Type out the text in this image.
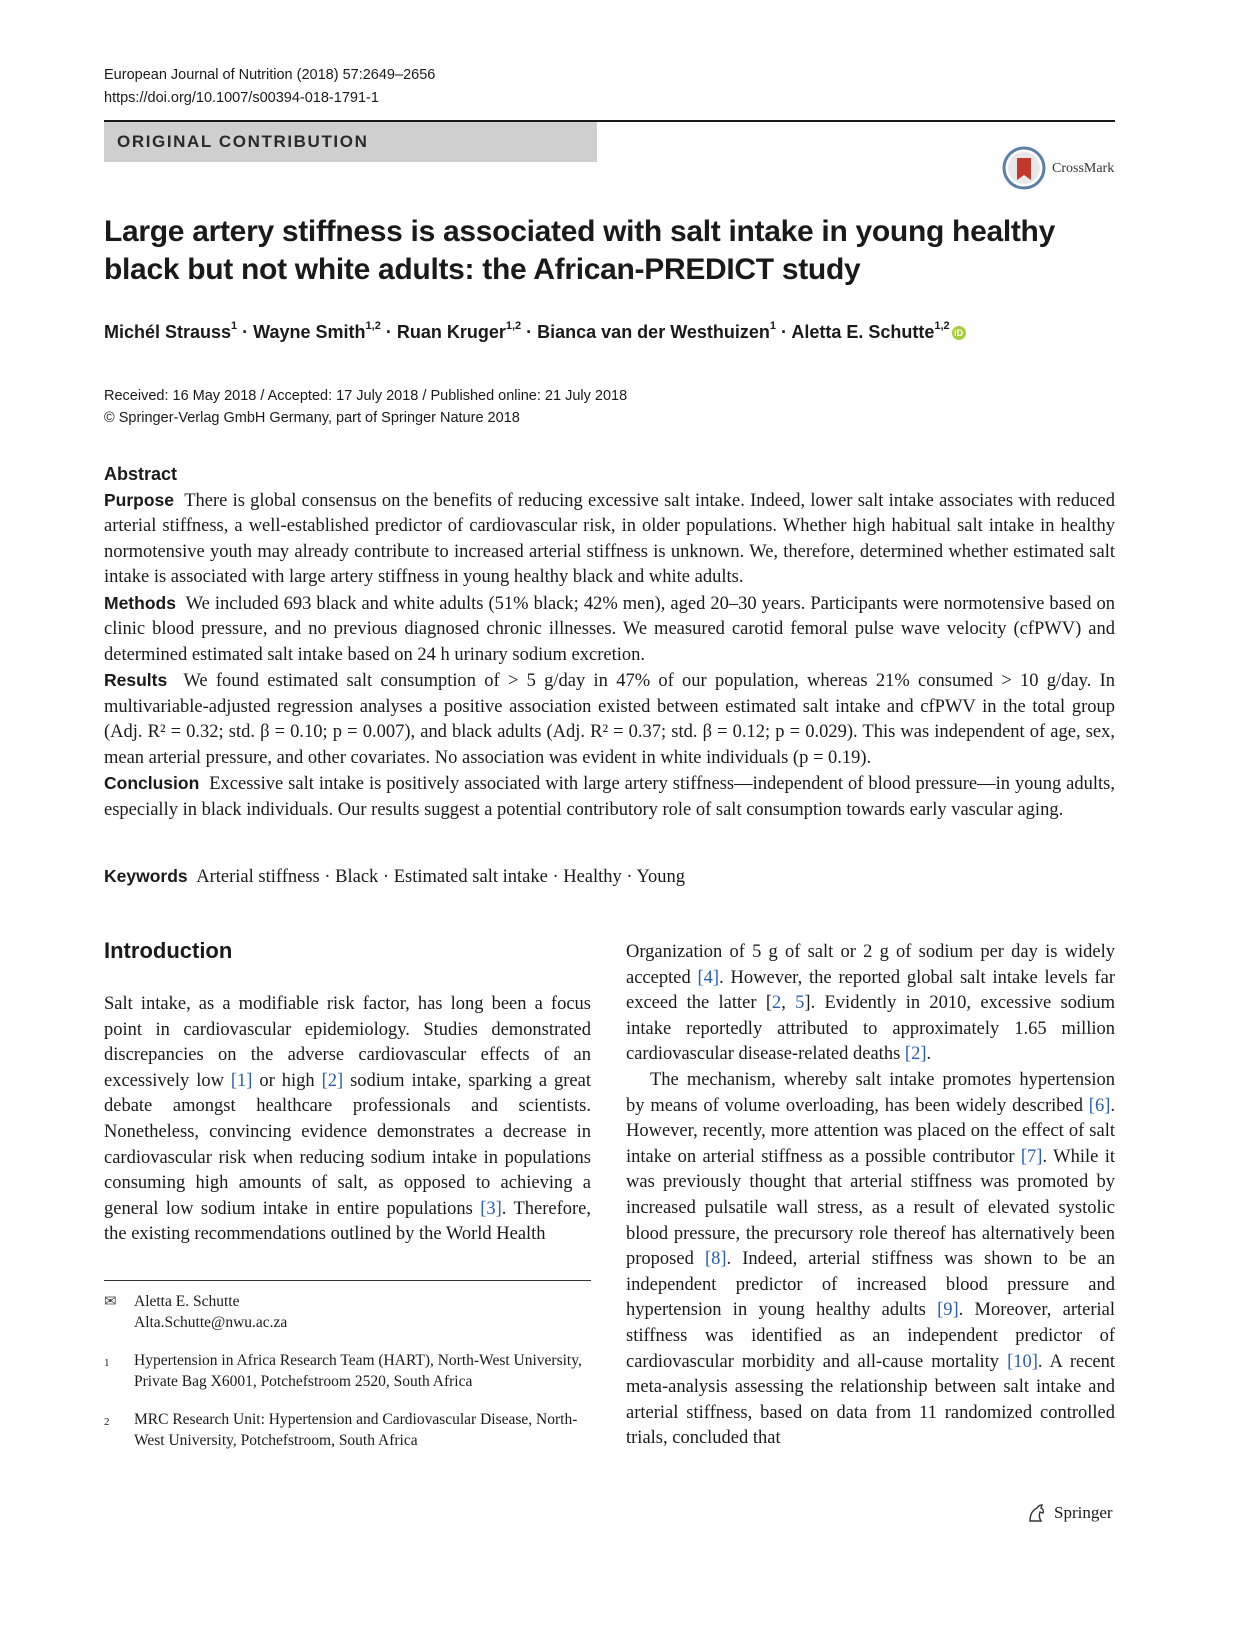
European Journal of Nutrition (2018) 57:2649–2656
https://doi.org/10.1007/s00394-018-1791-1
ORIGINAL CONTRIBUTION
CrossMark
Large artery stiffness is associated with salt intake in young healthy
black but not white adults: the African-PREDICT study
Michél Strauss$^1$ · Wayne Smith$^{1,2}$ · Ruan Kruger$^{1,2}$ · Bianca van der Westhuizen$^1$ · Aletta E. Schutte$^{1,2}$iD
Received: 16 May 2018 / Accepted: 17 July 2018 / Published online: 21 July 2018
© Springer-Verlag GmbH Germany, part of Springer Nature 2018
Abstract

Purpose There is global consensus on the benefits of reducing excessive salt intake. Indeed, lower salt intake associates with reduced arterial stiffness, a well-established predictor of cardiovascular risk, in older populations. Whether high habitual salt intake in healthy normotensive youth may already contribute to increased arterial stiffness is unknown. We, therefore, determined whether estimated salt intake is associated with large artery stiffness in young healthy black and white adults.

Methods We included 693 black and white adults (51% black; 42% men), aged 20–30 years. Participants were normotensive based on clinic blood pressure, and no previous diagnosed chronic illnesses. We measured carotid femoral pulse wave velocity (cfPWV) and determined estimated salt intake based on 24 h urinary sodium excretion.

Results We found estimated salt consumption of > 5 g/day in 47% of our population, whereas 21% consumed > 10 g/day. In multivariable-adjusted regression analyses a positive association existed between estimated salt intake and cfPWV in the total group (Adj. R² = 0.32; std. β = 0.10; p = 0.007), and black adults (Adj. R² = 0.37; std. β = 0.12; p = 0.029). This was independent of age, sex, mean arterial pressure, and other covariates. No association was evident in white individuals (p = 0.19).

Conclusion Excessive salt intake is positively associated with large artery stiffness—independent of blood pressure—in young adults, especially in black individuals. Our results suggest a potential contributory role of salt consumption towards early vascular aging.

Keywords Arterial stiffness · Black · Estimated salt intake · Healthy · Young
Introduction

Salt intake, as a modifiable risk factor, has long been a focus point in cardiovascular epidemiology. Studies demonstrated discrepancies on the adverse cardiovascular effects of an excessively low [1] or high [2] sodium intake, sparking a great debate amongst healthcare professionals and scientists. Nonetheless, convincing evidence demonstrates a decrease in cardiovascular risk when reducing sodium intake in populations consuming high amounts of salt, as opposed to achieving a general low sodium intake in entire populations [3]. Therefore, the existing recommendations outlined by the World Health

Organization of 5 g of salt or 2 g of sodium per day is widely accepted [4]. However, the reported global salt intake levels far exceed the latter [2, 5]. Evidently in 2010, excessive sodium intake reportedly attributed to approximately 1.65 million cardiovascular disease-related deaths [2].

The mechanism, whereby salt intake promotes hypertension by means of volume overloading, has been widely described [6]. However, recently, more attention was placed on the effect of salt intake on arterial stiffness as a possible contributor [7]. While it was previously thought that arterial stiffness was promoted by increased pulsatile wall stress, as a result of elevated systolic blood pressure, the precursory role thereof has alternatively been proposed [8]. Indeed, arterial stiffness was shown to be an independent predictor of increased blood pressure and hypertension in young healthy adults [9]. Moreover, arterial stiffness was identified as an independent predictor of cardiovascular morbidity and all-cause mortality [10]. A recent meta-analysis assessing the relationship between salt intake and arterial stiffness, based on data from 11 randomized controlled trials, concluded that

✉	Aletta E. Schutte
Alta.Schutte@nwu.ac.za
1	Hypertension in Africa Research Team (HART), North-West University, Private Bag X6001, Potchefstroom 2520, South Africa
2	MRC Research Unit: Hypertension and Cardiovascular Disease, North-West University, Potchefstroom, South Africa
Springer
